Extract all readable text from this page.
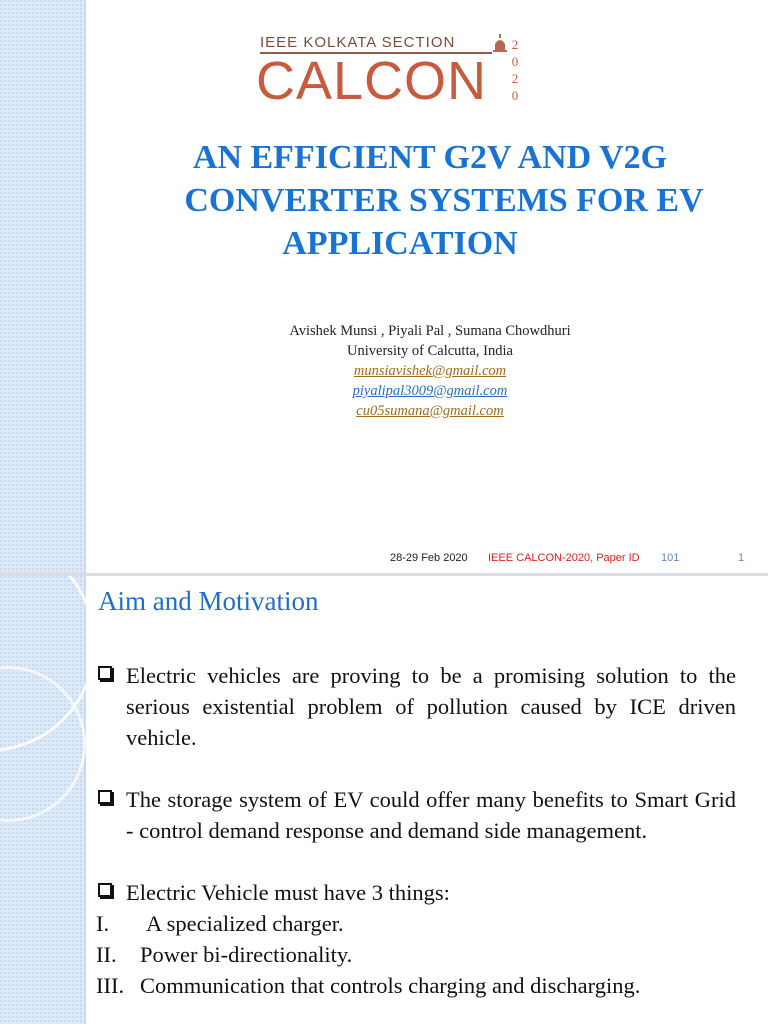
IEEE KOLKATA SECTION
CALCON
2
0
2
0
AN EFFICIENT G2V AND V2G
CONVERTER SYSTEMS FOR EV
APPLICATION
Avishek Munsi , Piyali Pal , Sumana Chowdhuri
University of Calcutta, India
munsiavishek@gmail.com
piyalipal3009@gmail.com
cu05sumana@gmail.com
28-29 Feb 2020 IEEE CALCON-2020, Paper ID 101	1
Aim and Motivation
Electric vehicles are proving to be a promising solution to the serious existential problem of pollution caused by ICE driven vehicle.
The storage system of EV could offer many benefits to Smart Grid - control demand response and demand side management.
Electric Vehicle must have 3 things:
I. A specialized charger.
II. Power bi-directionality.
III. Communication that controls charging and discharging.
